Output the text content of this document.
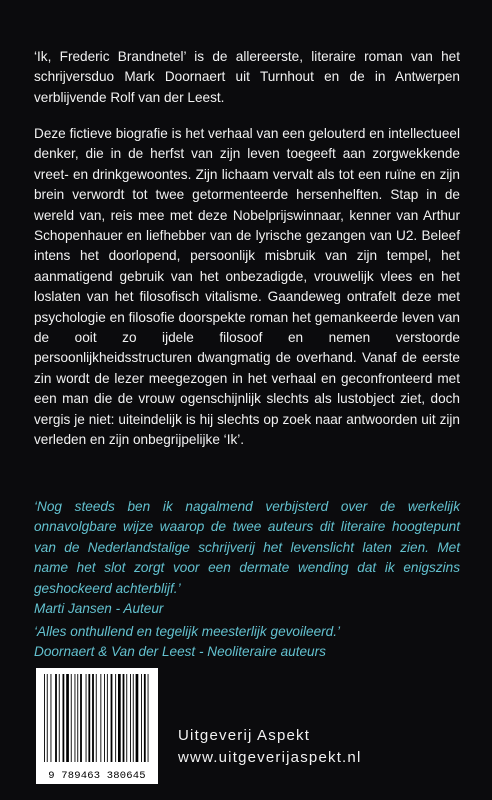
‘Ik, Frederic Brandnetel’ is de allereerste, literaire roman van het schrijversduo Mark Doornaert uit Turnhout en de in Antwerpen verblijvende Rolf van der Leest.

Deze fictieve biografie is het verhaal van een gelouterd en intellectueel denker, die in de herfst van zijn leven toegeeft aan zorgwekkende vreet- en drinkgewoontes. Zijn lichaam vervalt als tot een ruïne en zijn brein verwordt tot twee getormenteerde hersenhelften. Stap in de wereld van, reis mee met deze Nobelprijswinnaar, kenner van Arthur Schopenhauer en liefhebber van de lyrische gezangen van U2. Beleef intens het doorlopend, persoonlijk misbruik van zijn tempel, het aanmatigend gebruik van het onbezadigde, vrouwelijk vlees en het loslaten van het filosofisch vitalisme. Gaandeweg ontrafelt deze met psychologie en filosofie doorspekte roman het gemankeerde leven van de ooit zo ijdele filosoof en nemen verstoorde persoonlijkheidsstructuren dwangmatig de overhand. Vanaf de eerste zin wordt de lezer meegezogen in het verhaal en geconfronteerd met een man die de vrouw ogenschijnlijk slechts als lustobject ziet, doch vergis je niet: uiteindelijk is hij slechts op zoek naar antwoorden uit zijn verleden en zijn onbegrijpelijke ‘Ik’.

‘Nog steeds ben ik nagalmend verbijsterd over de werkelijk onnavolgbare wijze waarop de twee auteurs dit literaire hoogtepunt van de Nederlandstalige schrijverij het levenslicht laten zien. Met name het slot zorgt voor een dermate wending dat ik enigszins geshockeerd achterblijf.’
Marti Jansen - Auteur

‘Alles onthullend en tegelijk meesterlijk gevoileerd.’
Doornaert & Van der Leest - Neoliteraire auteurs

9 789463 380645
Uitgeverij Aspekt
www.uitgeverijaspekt.nl
